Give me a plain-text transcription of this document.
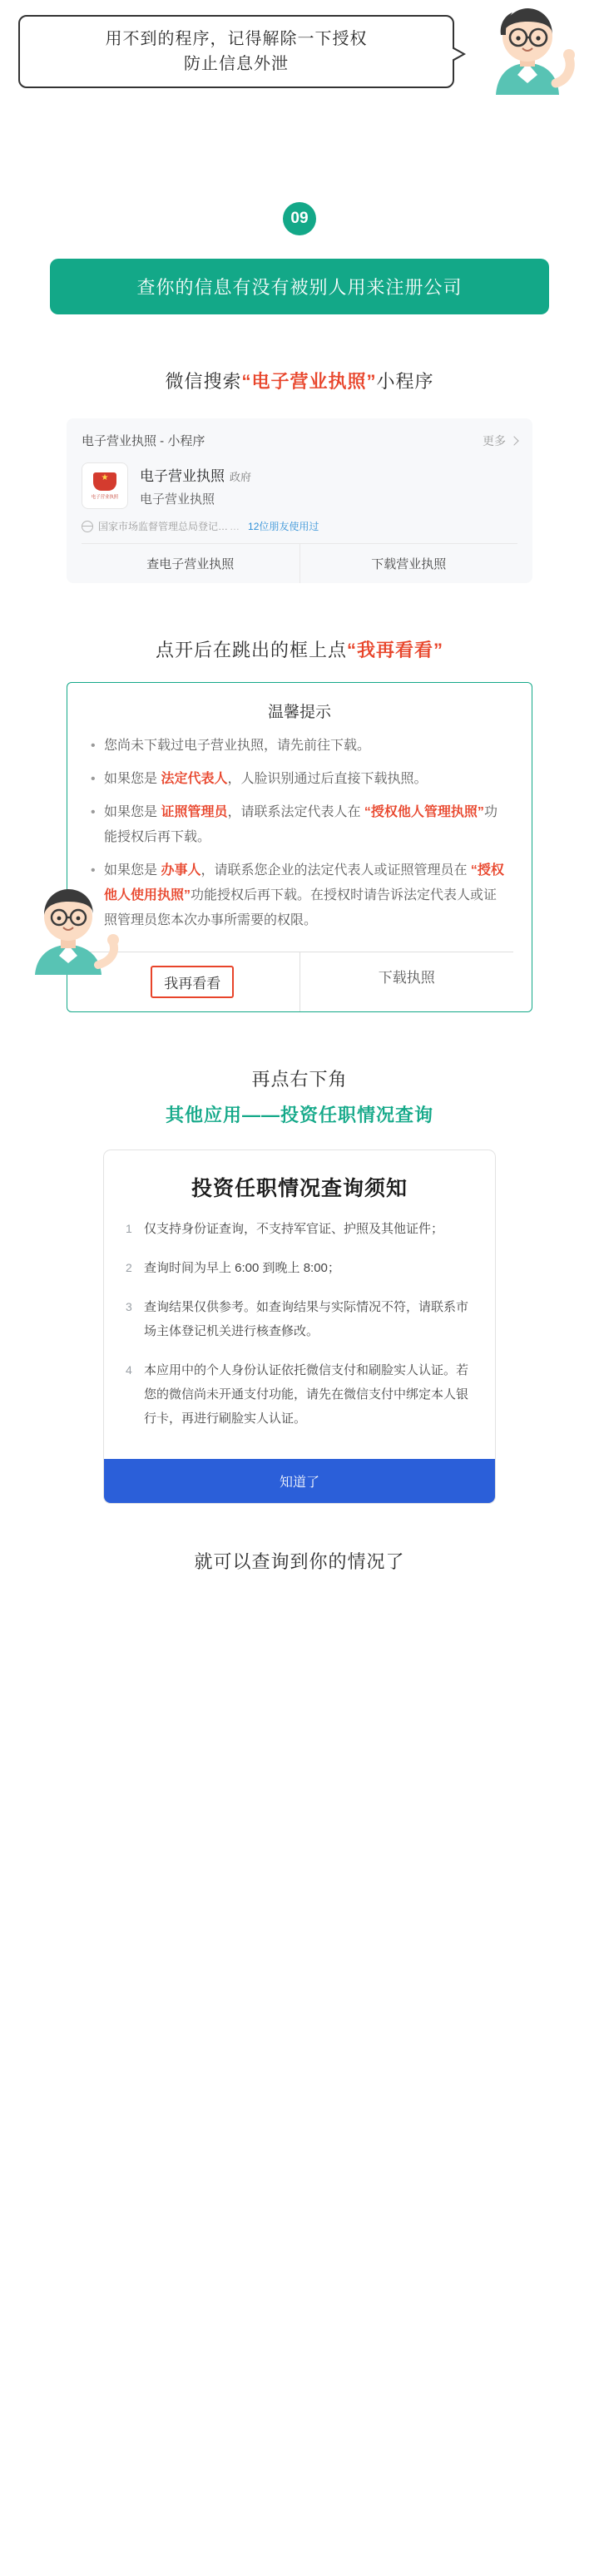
用不到的程序，记得解除一下授权
防止信息外泄
09
查你的信息有没有被别人用来注册公司
微信搜索“电子营业执照”小程序
电子营业执照 - 小程序	更多
★
电子营业执照
电子营业执照 政府
电子营业执照
国家市场监督管理总局登记… … 12位朋友使用过
查电子营业执照	下载营业执照
点开后在跳出的框上点“我再看看”
温馨提示
• 您尚未下载过电子营业执照，请先前往下载。
• 如果您是 法定代表人，人脸识别通过后直接下载执照。
• 如果您是 证照管理员，请联系法定代表人在 “授权他人管理执照”功能授权后再下载。
• 如果您是 办事人，请联系您企业的法定代表人或证照管理员在 “授权他人使用执照”功能授权后再下载。在授权时请告诉法定代表人或证照管理员您本次办事所需要的权限。
我再看看	下载执照
再点右下角
其他应用——投资任职情况查询
投资任职情况查询须知
1 仅支持身份证查询，不支持军官证、护照及其他证件；
2 查询时间为早上 6:00 到晚上 8:00；
3 查询结果仅供参考。如查询结果与实际情况不符，请联系市场主体登记机关进行核查修改。
4 本应用中的个人身份认证依托微信支付和刷脸实人认证。若您的微信尚未开通支付功能，请先在微信支付中绑定本人银行卡，再进行刷脸实人认证。
知道了
就可以查询到你的情况了
